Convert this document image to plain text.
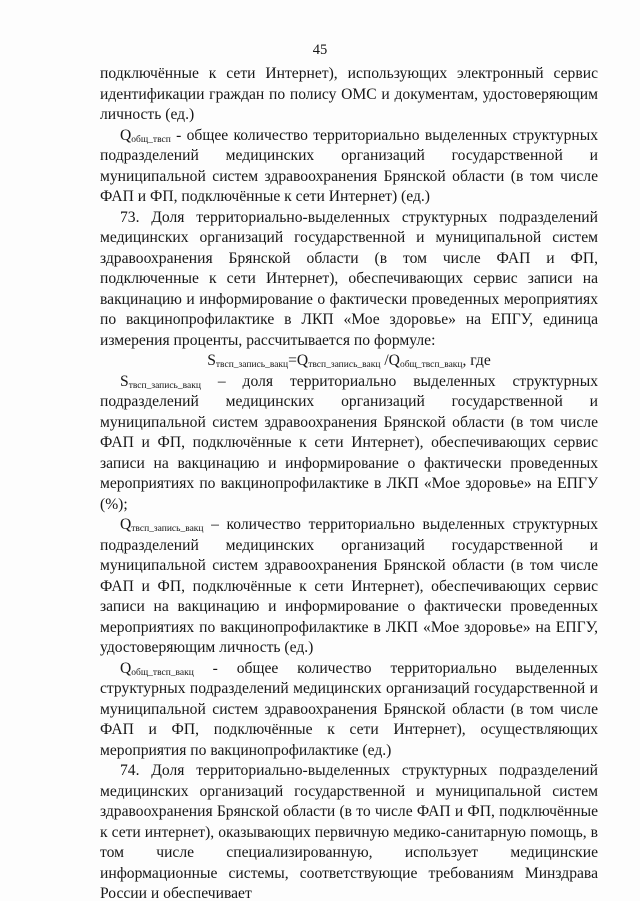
45

подключённые к сети Интернет), использующих электронный сервис идентификации граждан по полису ОМС и документам, удостоверяющим личность (ед.)

$Q_{общ\_твсп}$ - общее количество территориально выделенных структурных подразделений медицинских организаций государственной и муниципальной систем здравоохранения Брянской области (в том числе ФАП и ФП, подключённые к сети Интернет) (ед.)

73. Доля территориально-выделенных структурных подразделений медицинских организаций государственной и муниципальной систем здравоохранения Брянской области (в том числе ФАП и ФП, подключенные к сети Интернет), обеспечивающих сервис записи на вакцинацию и информирование о фактически проведенных мероприятиях по вакцинопрофилактике в ЛКП «Мое здоровье» на ЕПГУ, единица измерения проценты, рассчитывается по формуле:

$S_{твсп\_запись\_вакц}=Q_{твсп\_запись\_вакц}$ $/Q_{общ\_твсп\_вакц}$, где

$S_{твсп\_запись\_вакц}$ – доля территориально выделенных структурных подразделений медицинских организаций государственной и муниципальной систем здравоохранения Брянской области (в том числе ФАП и ФП, подключённые к сети Интернет), обеспечивающих сервис записи на вакцинацию и информирование о фактически проведенных мероприятиях по вакцинопрофилактике в ЛКП «Мое здоровье» на ЕПГУ (%);

$Q_{твсп\_запись\_вакц}$ – количество территориально выделенных структурных подразделений медицинских организаций государственной и муниципальной систем здравоохранения Брянской области (в том числе ФАП и ФП, подключённые к сети Интернет), обеспечивающих сервис записи на вакцинацию и информирование о фактически проведенных мероприятиях по вакцинопрофилактике в ЛКП «Мое здоровье» на ЕПГУ, удостоверяющим личность (ед.)

$Q_{общ\_твсп\_вакц}$ - общее количество территориально выделенных структурных подразделений медицинских организаций государственной и муниципальной систем здравоохранения Брянской области (в том числе ФАП и ФП, подключённые к сети Интернет), осуществляющих мероприятия по вакцинопрофилактике (ед.)

74. Доля территориально-выделенных структурных подразделений медицинских организаций государственной и муниципальной систем здравоохранения Брянской области (в то числе ФАП и ФП, подключённые к сети интернет), оказывающих первичную медико-санитарную помощь, в том числе специализированную, использует медицинские информационные системы, соответствующие требованиям Минздрава России и обеспечивает
